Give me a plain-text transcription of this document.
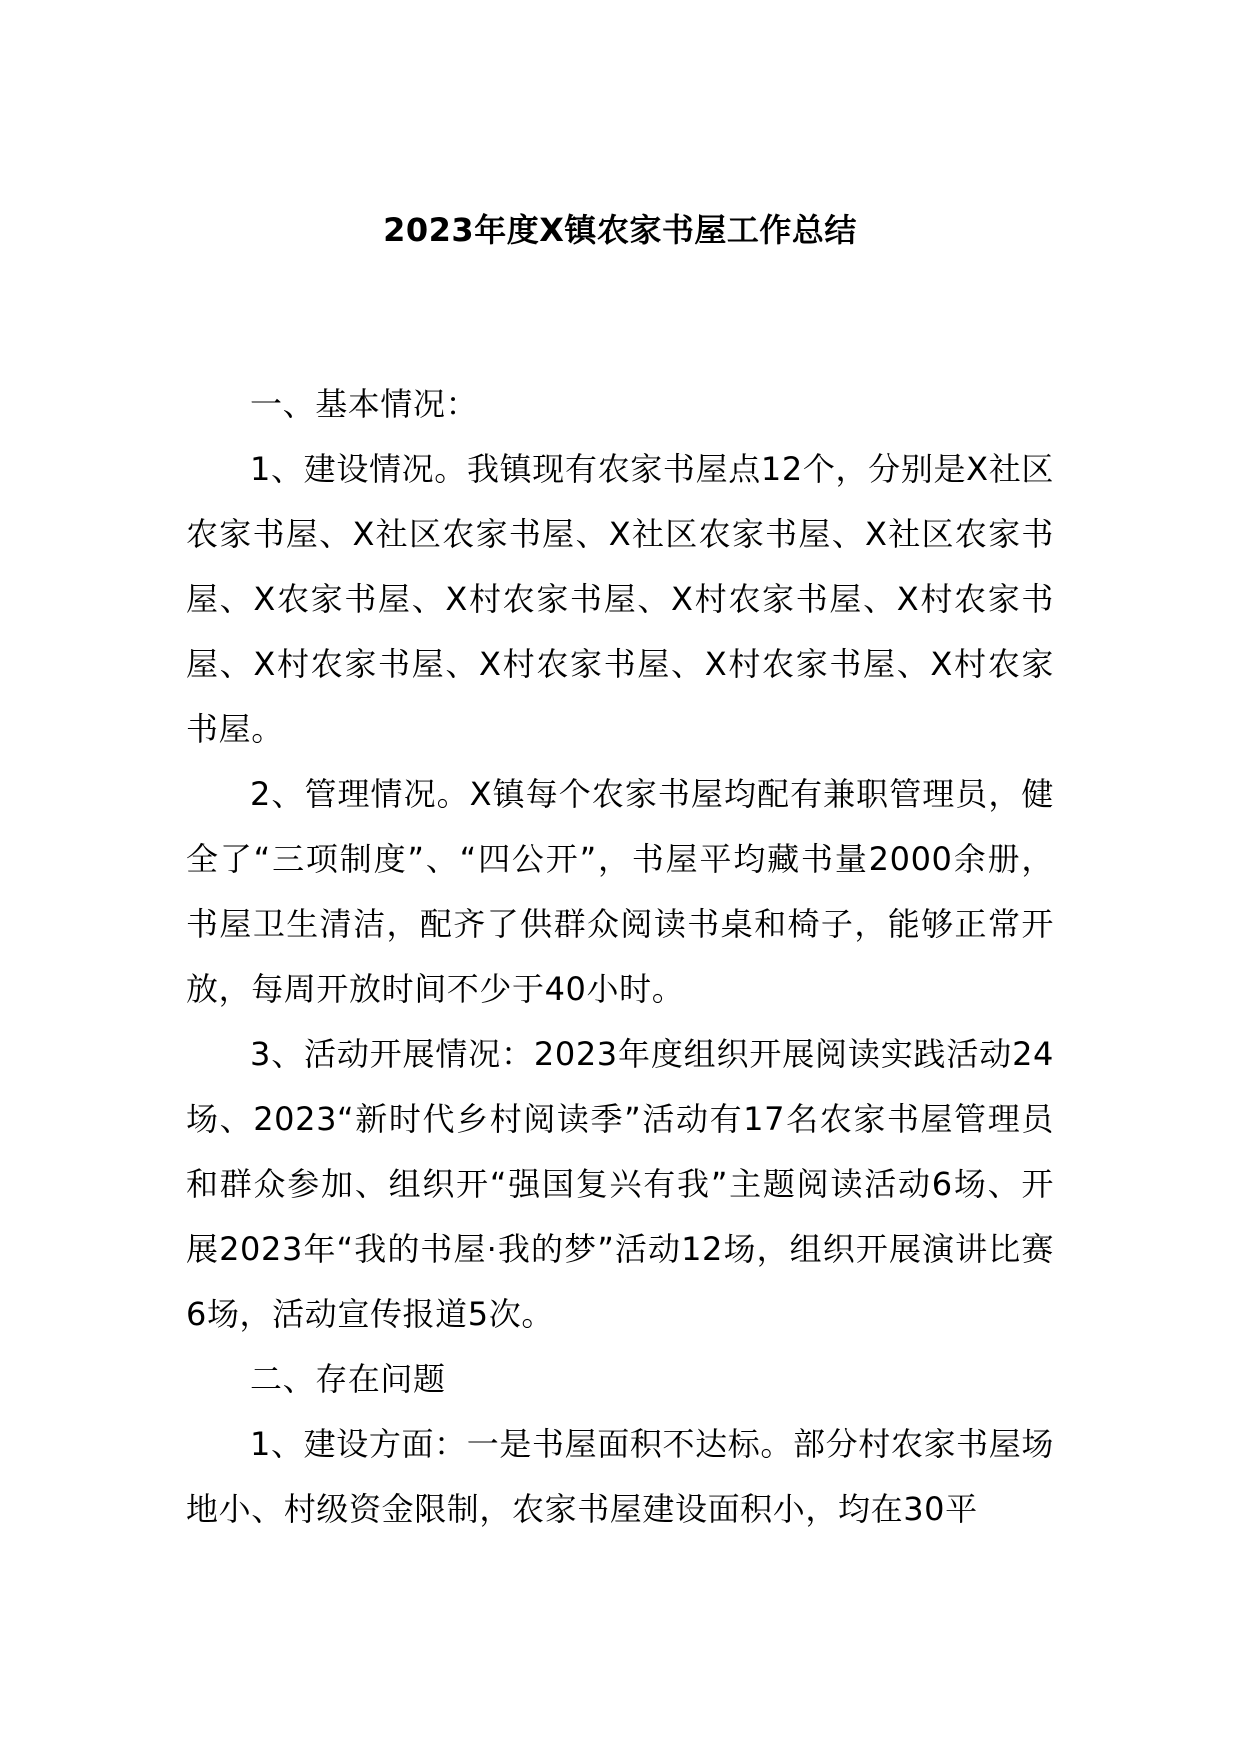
2023年度X镇农家书屋工作总结

一、基本情况：

1、建设情况。我镇现有农家书屋点12个，分别是X社区农家书屋、X社区农家书屋、X社区农家书屋、X社区农家书屋、X农家书屋、X村农家书屋、X村农家书屋、X村农家书屋、X村农家书屋、X村农家书屋、X村农家书屋、X村农家书屋。

2、管理情况。X镇每个农家书屋均配有兼职管理员，健全了“三项制度”、“四公开”，书屋平均藏书量2000余册，书屋卫生清洁，配齐了供群众阅读书桌和椅子，能够正常开放，每周开放时间不少于40小时。

3、活动开展情况：2023年度组织开展阅读实践活动24场、2023“新时代乡村阅读季”活动有17名农家书屋管理员和群众参加、组织开“强国复兴有我”主题阅读活动6场、开展2023年“我的书屋·我的梦”活动12场，组织开展演讲比赛6场，活动宣传报道5次。

二、存在问题

1、建设方面：一是书屋面积不达标。部分村农家书屋场地小、村级资金限制，农家书屋建设面积小，均在30平
